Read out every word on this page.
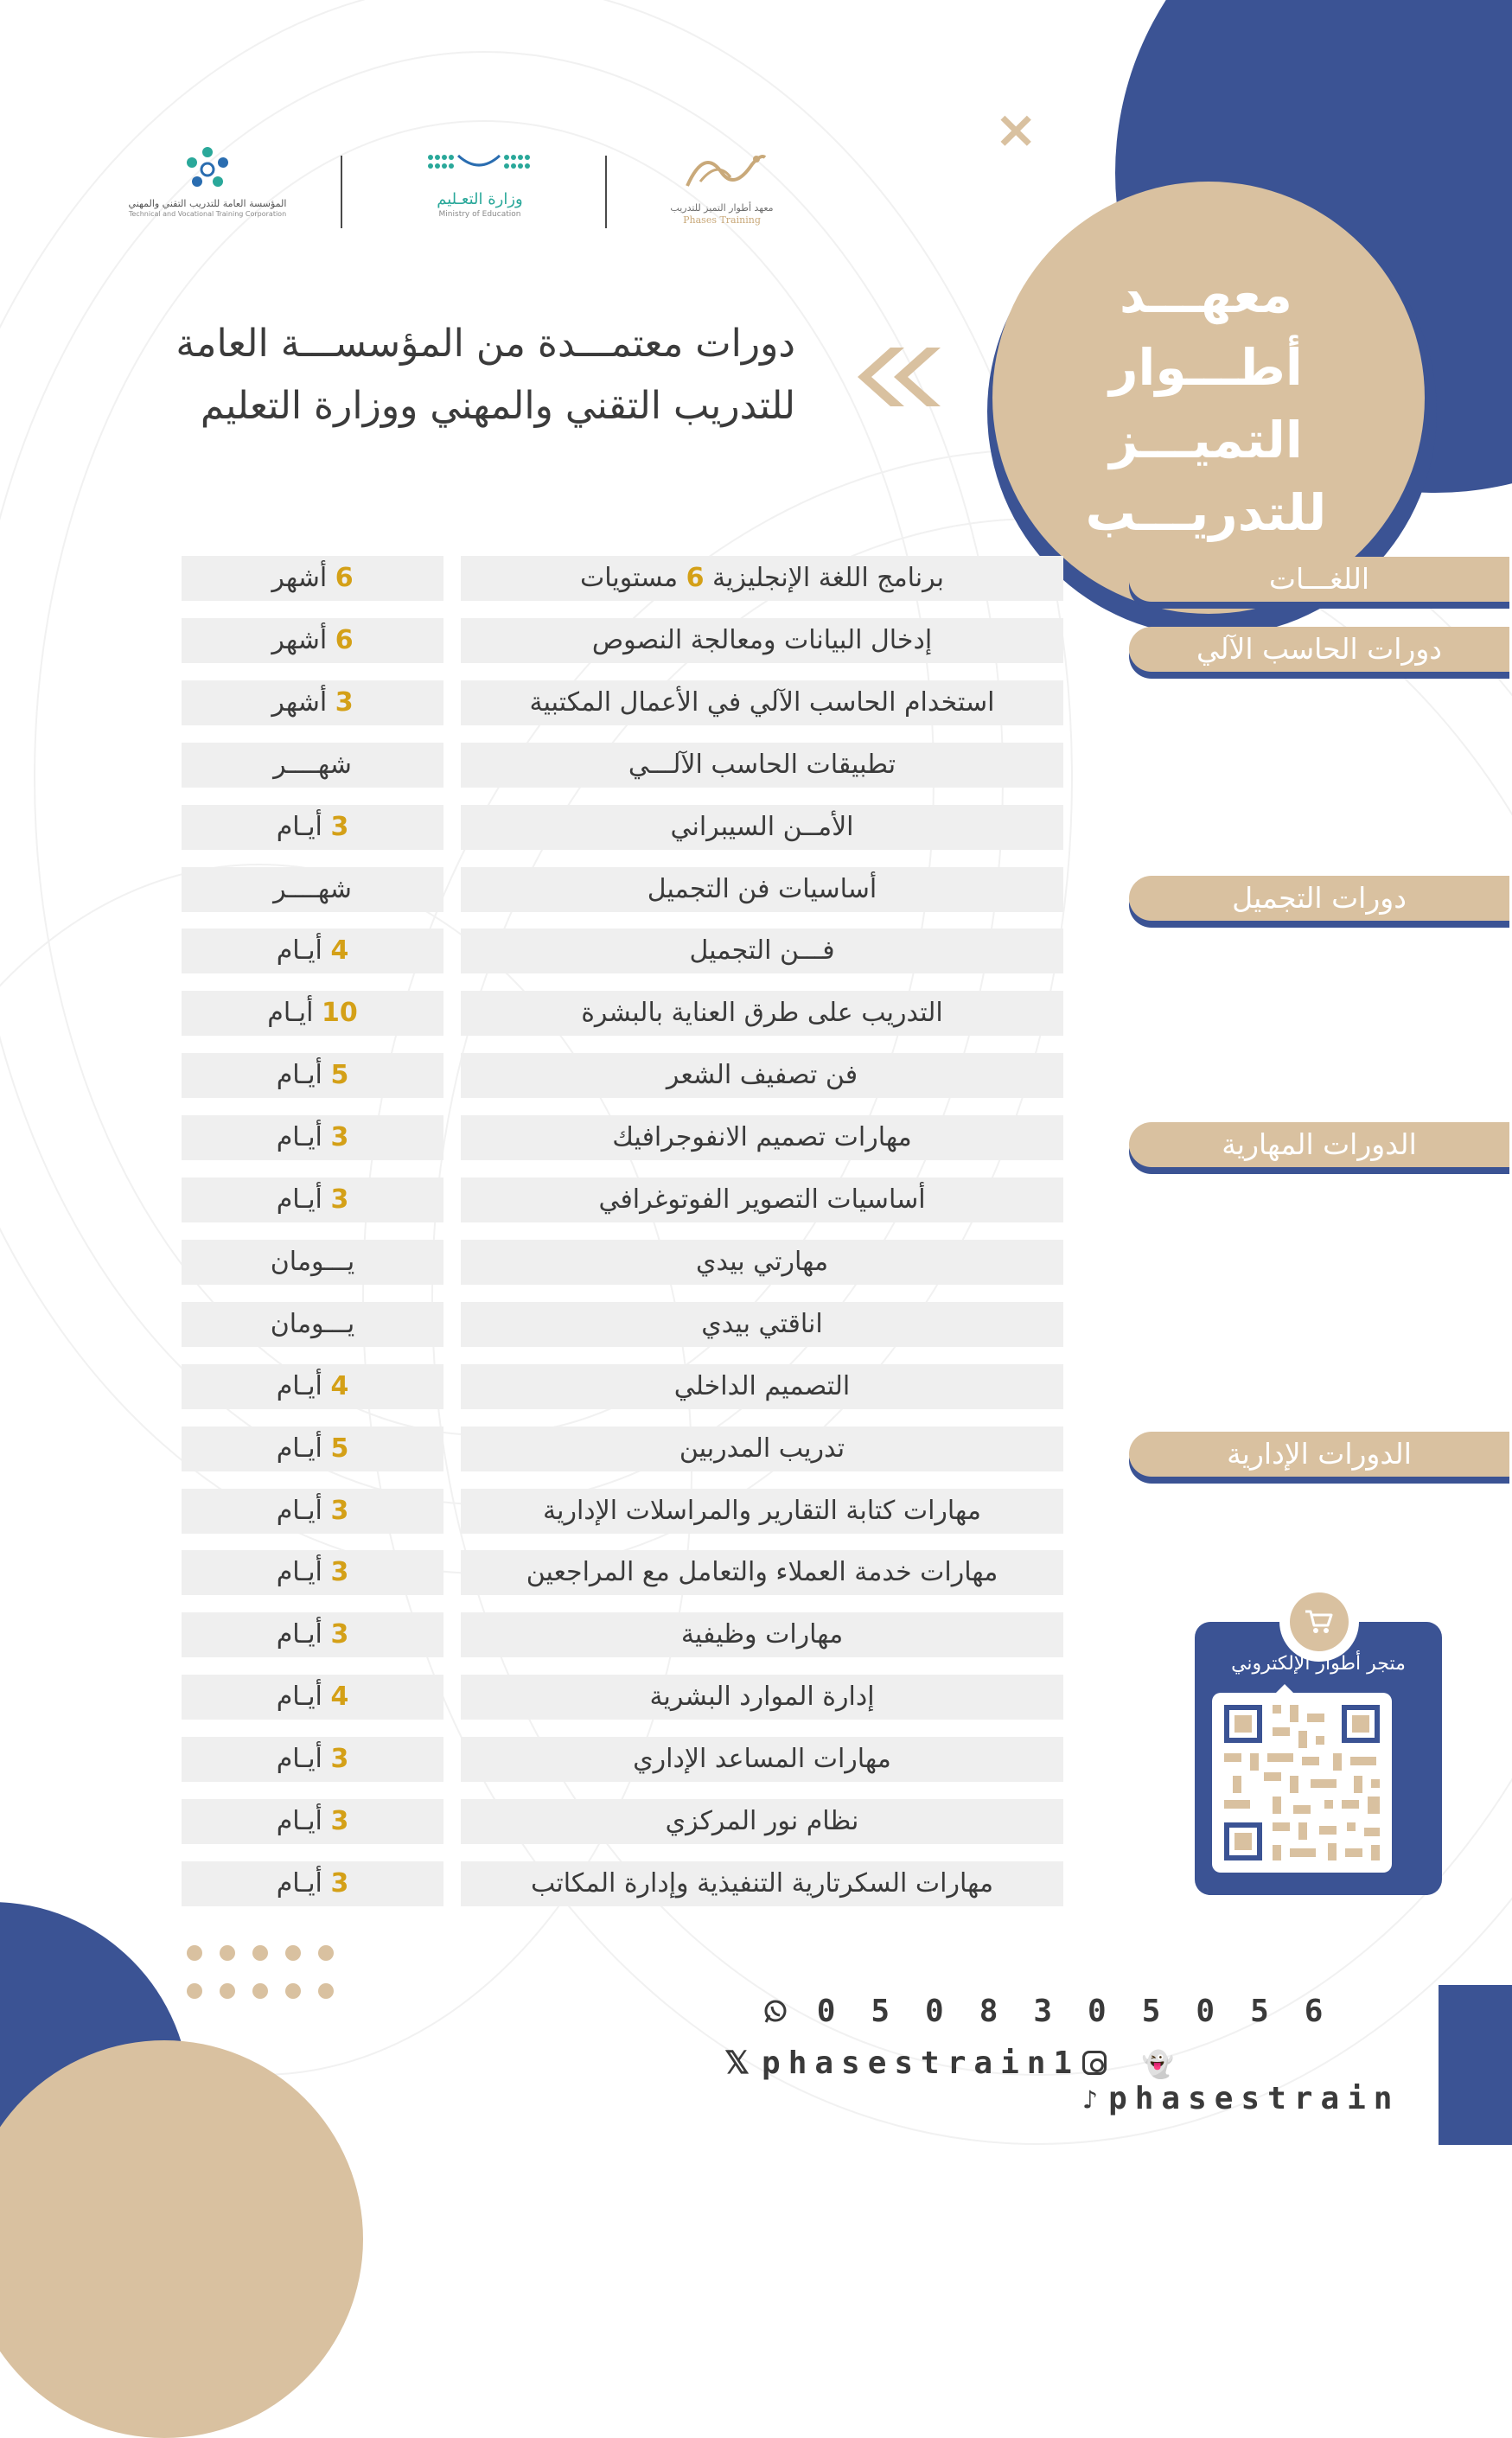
معهـــد
أطـــوار
التميـــز
للتدريـــب
×
معهد أطوار التميز للتدريب
Phases Training
وزارة التعـليم
Ministry of Education
المؤسسة العامة للتدريب التقني والمهني
Technical and Vocational Training Corporation
دورات معتمـــدة من المؤسســـة العامة
للتدريب التقني والمهني ووزارة التعليم
اللغـــات
دورات الحاسب الآلي
دورات التجميل
الدورات المهارية
الدورات الإدارية
برنامج اللغة الإنجليزية 6 مستويات
6 أشهر
إدخال البيانات ومعالجة النصوص
6 أشهر
استخدام الحاسب الآلي في الأعمال المكتبية
3 أشهر
تطبيقات الحاسب الآلـــي
شهــــر
الأمــن السيبراني
3 أيـام
أساسيات فن التجميل
شهــــر
فـــن التجميل
4 أيـام
التدريب على طرق العناية بالبشرة
10 أيـام
فن تصفيف الشعر
5 أيـام
مهارات تصميم الانفوجرافيك
3 أيـام
أساسيات التصوير الفوتوغرافي
3 أيـام
مهارتي بيدي
يـــومان
اناقتي بيدي
يـــومان
التصميم الداخلي
4 أيـام
تدريب المدربين
5 أيـام
مهارات كتابة التقارير والمراسلات الإدارية
3 أيـام
مهارات خدمة العملاء والتعامل مع المراجعين
3 أيـام
مهارات وظيفية
3 أيـام
إدارة الموارد البشرية
4 أيـام
مهارات المساعد الإداري
3 أيـام
نظام نور المركزي
3 أيـام
مهارات السكرتارية التنفيذية وإدارة المكاتب
3 أيـام
متجر أطوار الإلكتروني
0508305056
𝕏 phasestrain1	👻 ♪ phasestrain
